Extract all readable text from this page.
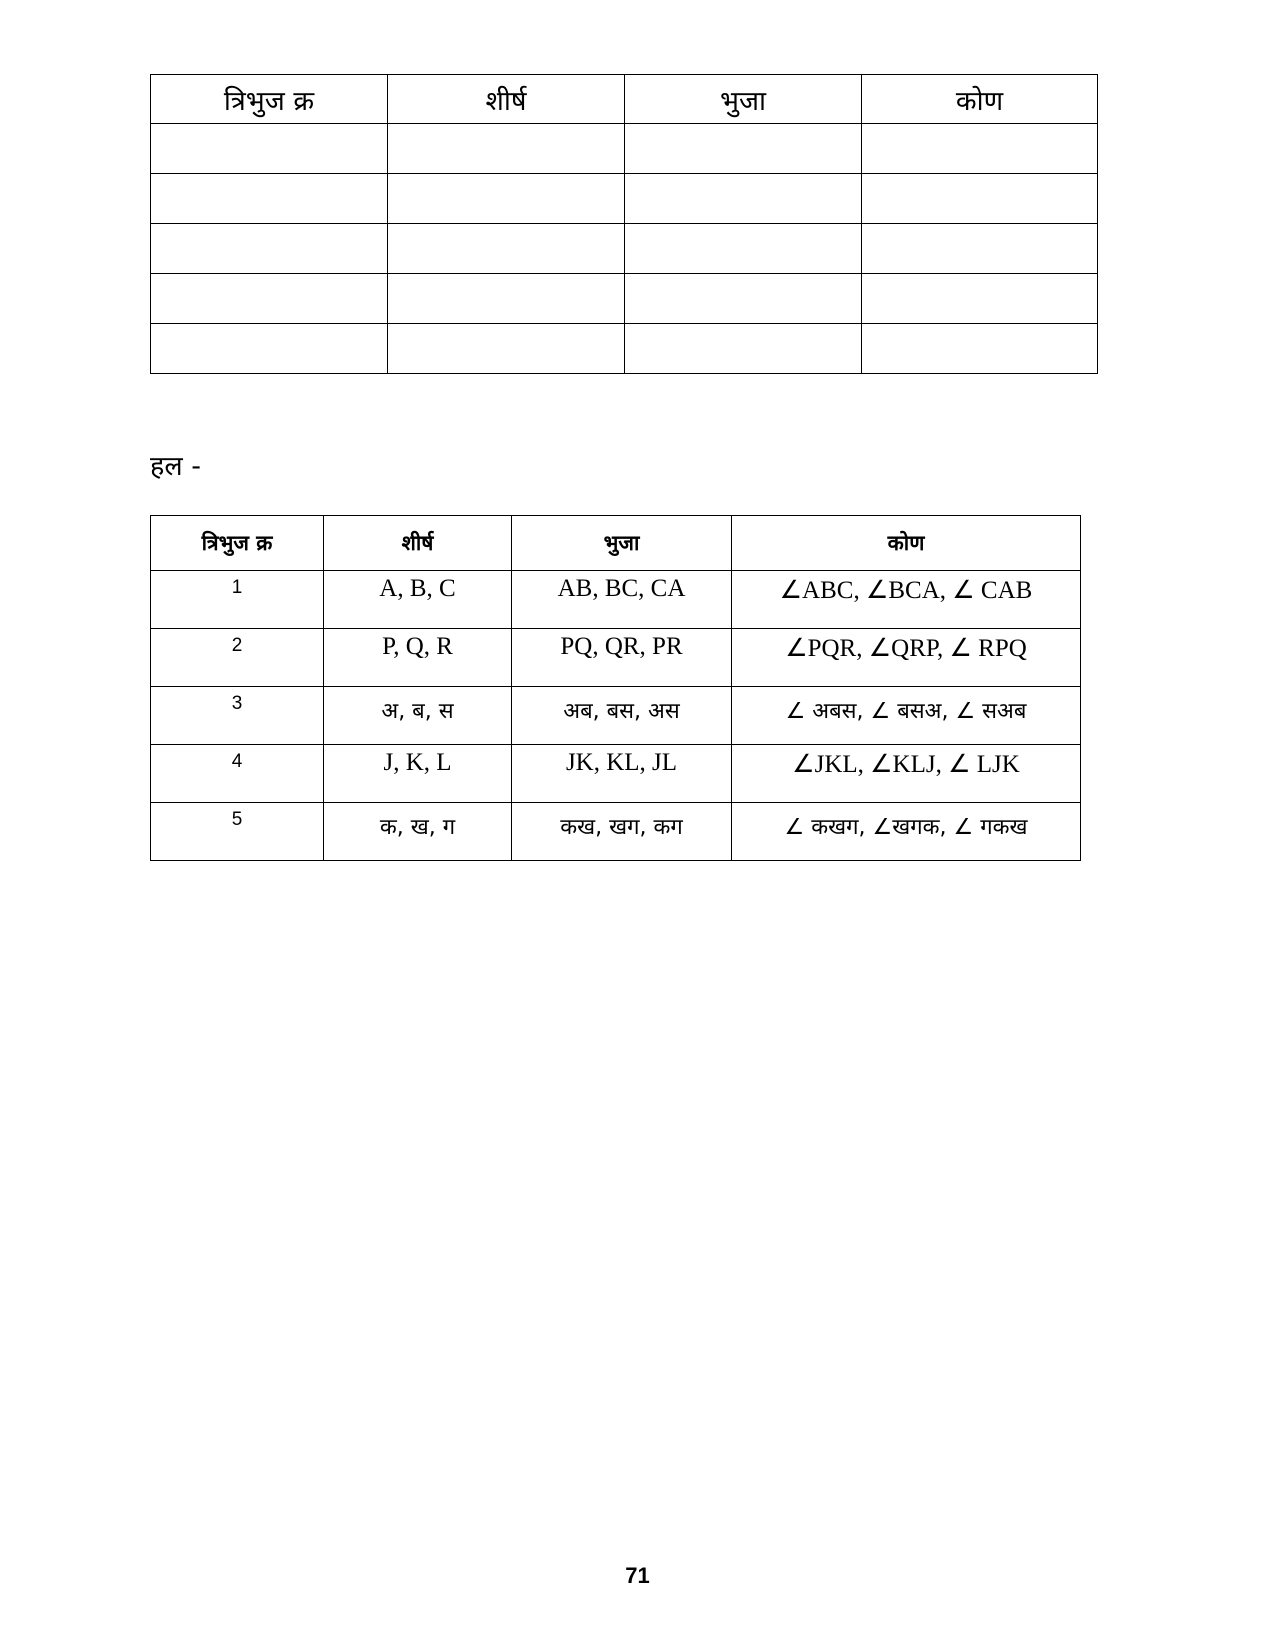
त्रिभुज क्र	शीर्ष	भुजा	कोण

हल -
त्रिभुज क्र	शीर्ष	भुजा	कोण
1	A, B, C	AB, BC, CA	∠ABC, ∠BCA, ∠ CAB
2	P, Q, R	PQ, QR, PR	∠PQR, ∠QRP, ∠ RPQ
3	अ, ब, स	अब, बस, अस	∠ अबस, ∠ बसअ, ∠ सअब
4	J, K, L	JK, KL, JL	∠JKL, ∠KLJ, ∠ LJK
5	क, ख, ग	कख, खग, कग	∠ कखग, ∠खगक, ∠ गकख
71
